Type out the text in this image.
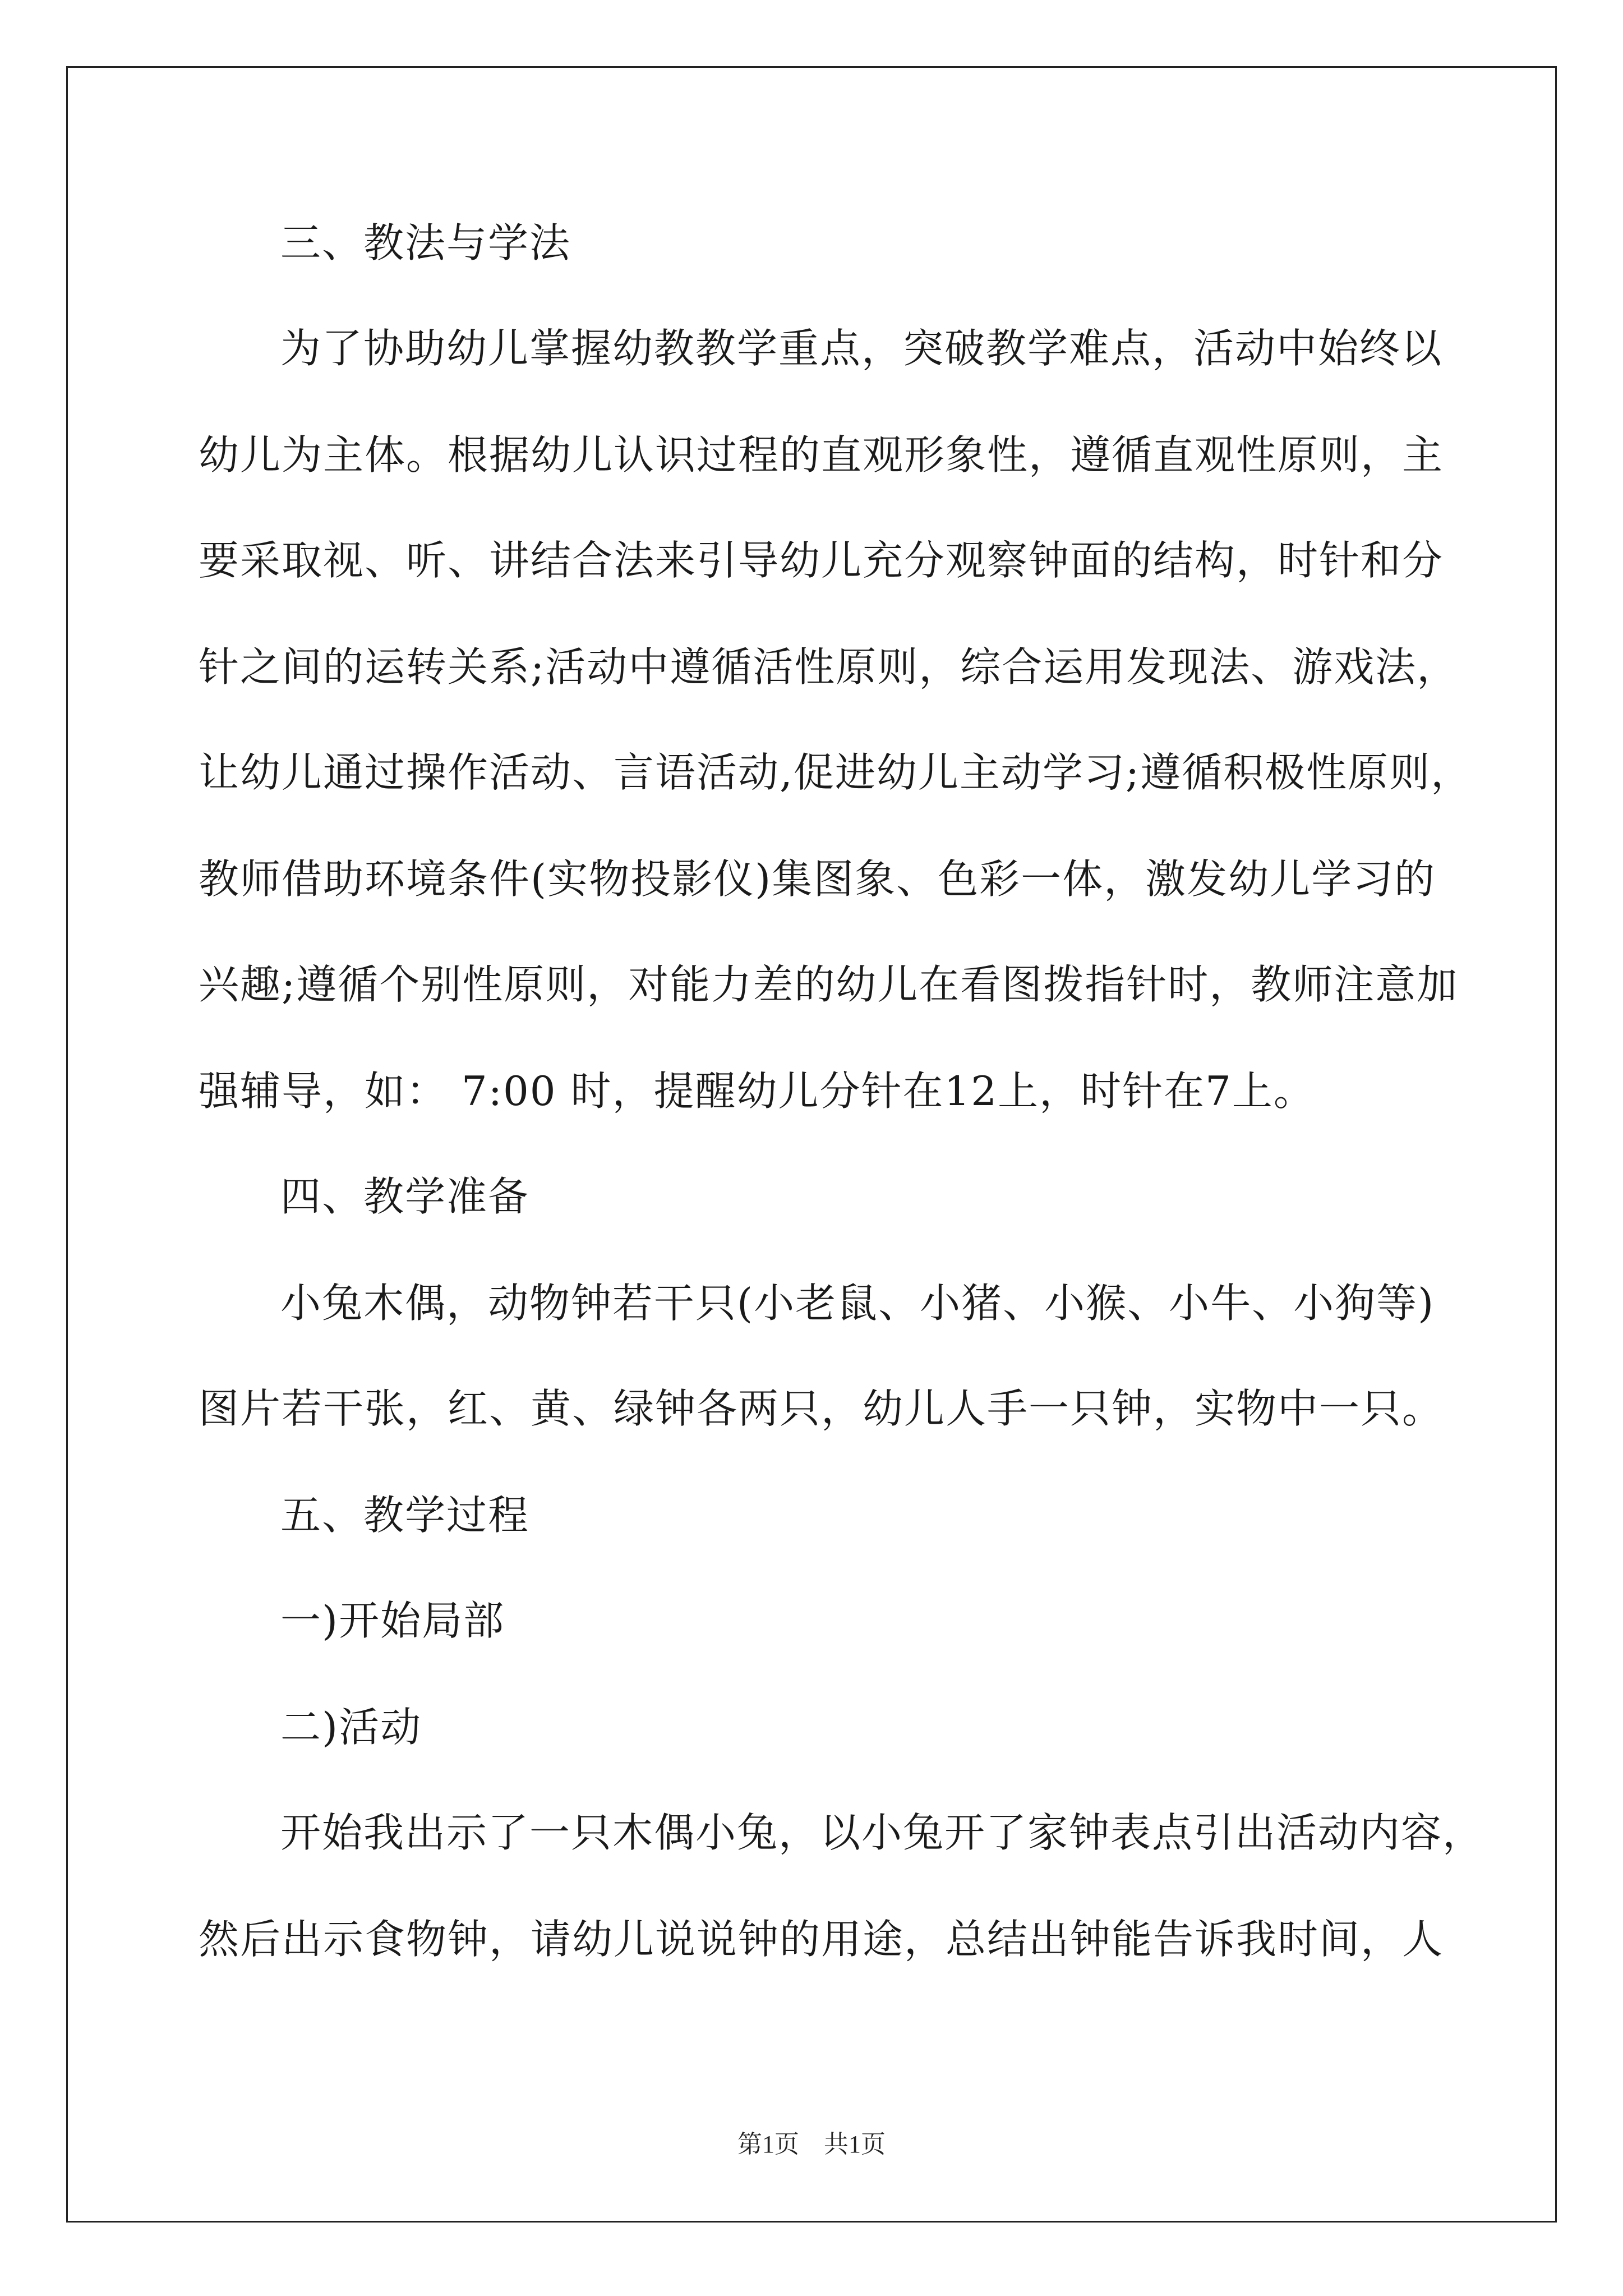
三、教法与学法
为了协助幼儿掌握幼教教学重点，突破教学难点，活动中始终以
幼儿为主体。根据幼儿认识过程的直观形象性，遵循直观性原则，主
要采取视、听、讲结合法来引导幼儿充分观察钟面的结构，时针和分
针之间的运转关系;活动中遵循活性原则，综合运用发现法、游戏法，
让幼儿通过操作活动、言语活动,促进幼儿主动学习;遵循积极性原则，
教师借助环境条件(实物投影仪)集图象、色彩一体，激发幼儿学习的
兴趣;遵循个别性原则，对能力差的幼儿在看图拨指针时，教师注意加
强辅导，如： 7:00 时，提醒幼儿分针在12上，时针在7上。
四、教学准备
小兔木偶，动物钟若干只(小老鼠、小猪、小猴、小牛、小狗等)
图片若干张，红、黄、绿钟各两只，幼儿人手一只钟，实物中一只。
五、教学过程
一)开始局部
二)活动
开始我出示了一只木偶小兔，以小兔开了家钟表点引出活动内容，
然后出示食物钟，请幼儿说说钟的用途，总结出钟能告诉我时间，人
第1页　共1页
